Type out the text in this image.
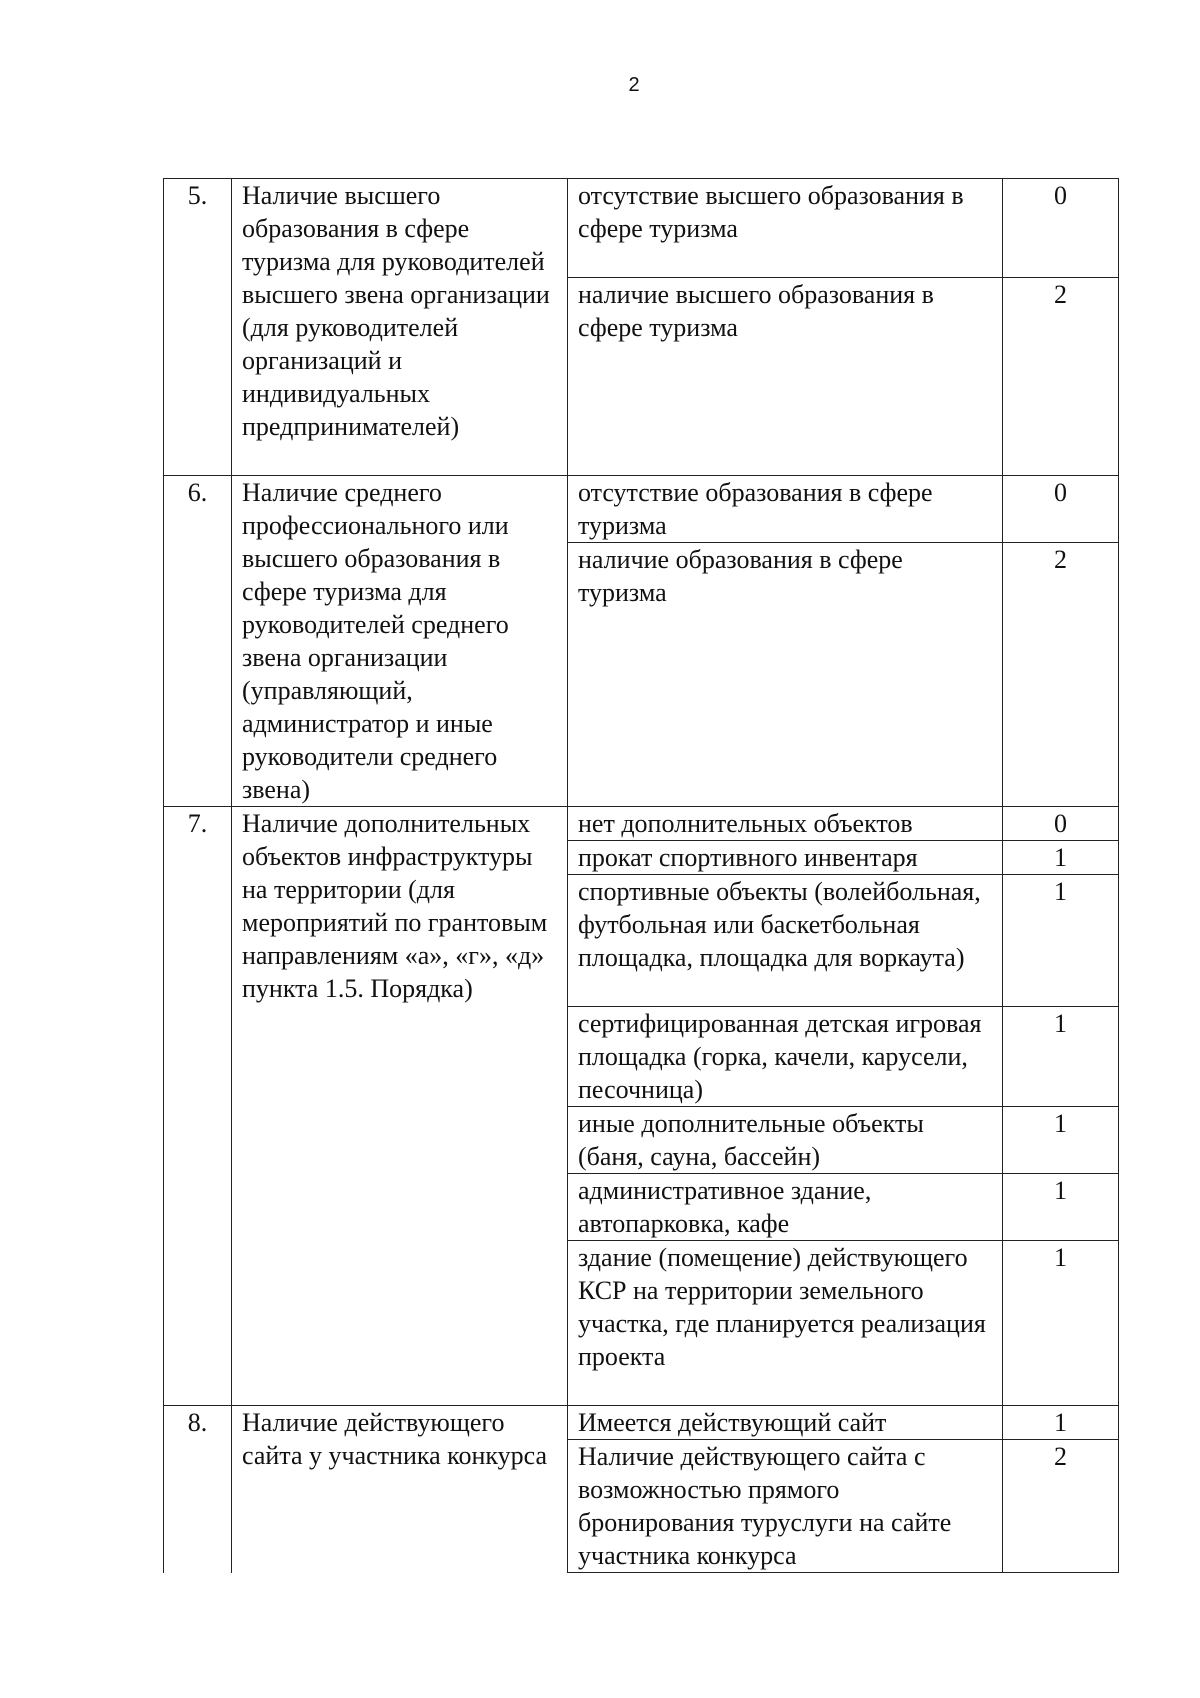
2
5.	Наличие высшего образования в сфере туризма для руководителей высшего звена организации (для руководителей организаций и индивидуальных предпринимателей)	отсутствие высшего образования в сфере туризма	0
		наличие высшего образования в сфере туризма	2
6.	Наличие среднего профессионального или высшего образования в сфере туризма для руководителей среднего звена организации (управляющий, администратор и иные руководители среднего звена)	отсутствие образования в сфере туризма	0
		наличие образования в сфере туризма	2
7.	Наличие дополнительных объектов инфраструктуры на территории (для мероприятий по грантовым направлениям «а», «г», «д» пункта 1.5. Порядка)	нет дополнительных объектов	0
		прокат спортивного инвентаря	1
		спортивные объекты (волейбольная, футбольная или баскетбольная площадка, площадка для воркаута)	1
		сертифицированная детская игровая площадка (горка, качели, карусели, песочница)	1
		иные дополнительные объекты (баня, сауна, бассейн)	1
		административное здание, автопарковка, кафе	1
		здание (помещение) действующего КСР на территории земельного участка, где планируется реализация проекта	1
8.	Наличие действующего сайта у участника конкурса	Имеется действующий сайт	1
		Наличие действующего сайта с возможностью прямого бронирования туруслуги на сайте участника конкурса	2
